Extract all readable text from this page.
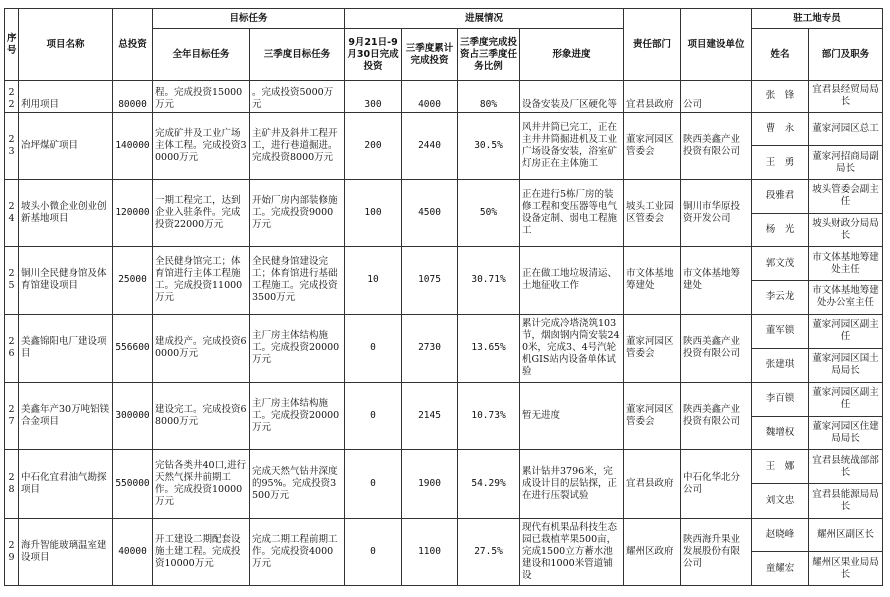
序号	项目名称	总投资	目标任务		进展情况				责任部门	项目建设单位	驻工地专员	
			全年目标任务	三季度目标任务	9月21日-9月30日完成投资	三季度累计完成投资	三季度完成投资占三季度任务比例	形象进度			姓名	部门及职务
22	利用项目	80000	程。完成投资15000万元	。完成投资5000万元	300	4000	80%	设备安装及厂区硬化等	宜君县政府	公司	张　锋	宜君县经贸局局长
23	冶坪煤矿项目	140000	完成矿井及工业广场主体工程。完成投资30000万元	主矿井及斜井工程开工，进行巷道掘进。完成投资8000万元	200	2440	30.5%	风井井筒已完工，正在主井井筒掘进机及工业广场设备安装，浴室矿灯房正在主体施工	董家河园区管委会	陕西美鑫产业投资有限公司	曹　永	董家河园区总工
											王　勇	董家河招商局副局长
24	坡头小微企业创业创新基地项目	120000	一期工程完工，达到企业入驻条件。完成投资22000万元	开始厂房内部装修施工。完成投资9000万元	100	4500	50%	正在进行5栋厂房的装修工程和变压器等电气设备定制、弱电工程施工	坡头工业园区管委会	铜川市华原投资开发公司	段雅君	坡头管委会副主任
											杨　光	坡头财政分局局长
25	铜川全民健身馆及体育馆建设项目	25000	全民健身馆完工；体育馆进行主体工程施工。完成投资11000万元	全民健身馆建设完工；体育馆进行基础工程施工。完成投资3500万元	10	1075	30.71%	正在做工地垃圾清运、土地征收工作	市文体基地筹建处	市文体基地筹建处	郭文茂	市文体基地筹建处主任
											李云龙	市文体基地筹建处办公室主任
26	美鑫锦阳电厂建设项目	556600	建成投产。完成投资60000万元	主厂房主体结构施工。完成投资20000万元	0	2730	13.65%	累计完成冷塔浇筑103节，烟囱钢内筒安装240米，完成3、4号汽轮机GIS站内设备单体试验	董家河园区管委会	陕西美鑫产业投资有限公司	董军锁	董家河园区副主任
											张建琪	董家河园区国土局局长
27	美鑫年产30万吨铝镁合金项目	300000	建设完工。完成投资68000万元	主厂房主体结构施工。完成投资20000万元	0	2145	10.73%	暂无进度	董家河园区管委会	陕西美鑫产业投资有限公司	李百锁	董家河园区副主任
											魏增权	董家河园区住建局局长
28	中石化宜君油气勘探项目	550000	完钻各类井40口,进行天然气探井前期工作。完成投资10000万元	完成天然气钻井深度的95%。完成投资3500万元	0	1900	54.29%	累计钻井3796米，完成设计目的层钻探，正在进行压裂试验	宜君县政府	中石化华北分公司	王　娜	宜君县统战部部长
											刘文忠	宜君县能源局局长
29	海升智能玻璃温室建设项目	40000	开工建设二期配套设施土建工程。完成投资10000万元	完成二期工程前期工作。完成投资4000万元	0	1100	27.5%	现代有机果品科技生态园已栽植苹果500亩，完成1500立方蓄水池建设和1000米管道铺设	耀州区政府	陕西海升果业发展股份有限公司	赵晓峰	耀州区副区长
											童耀宏	耀州区果业局局长
